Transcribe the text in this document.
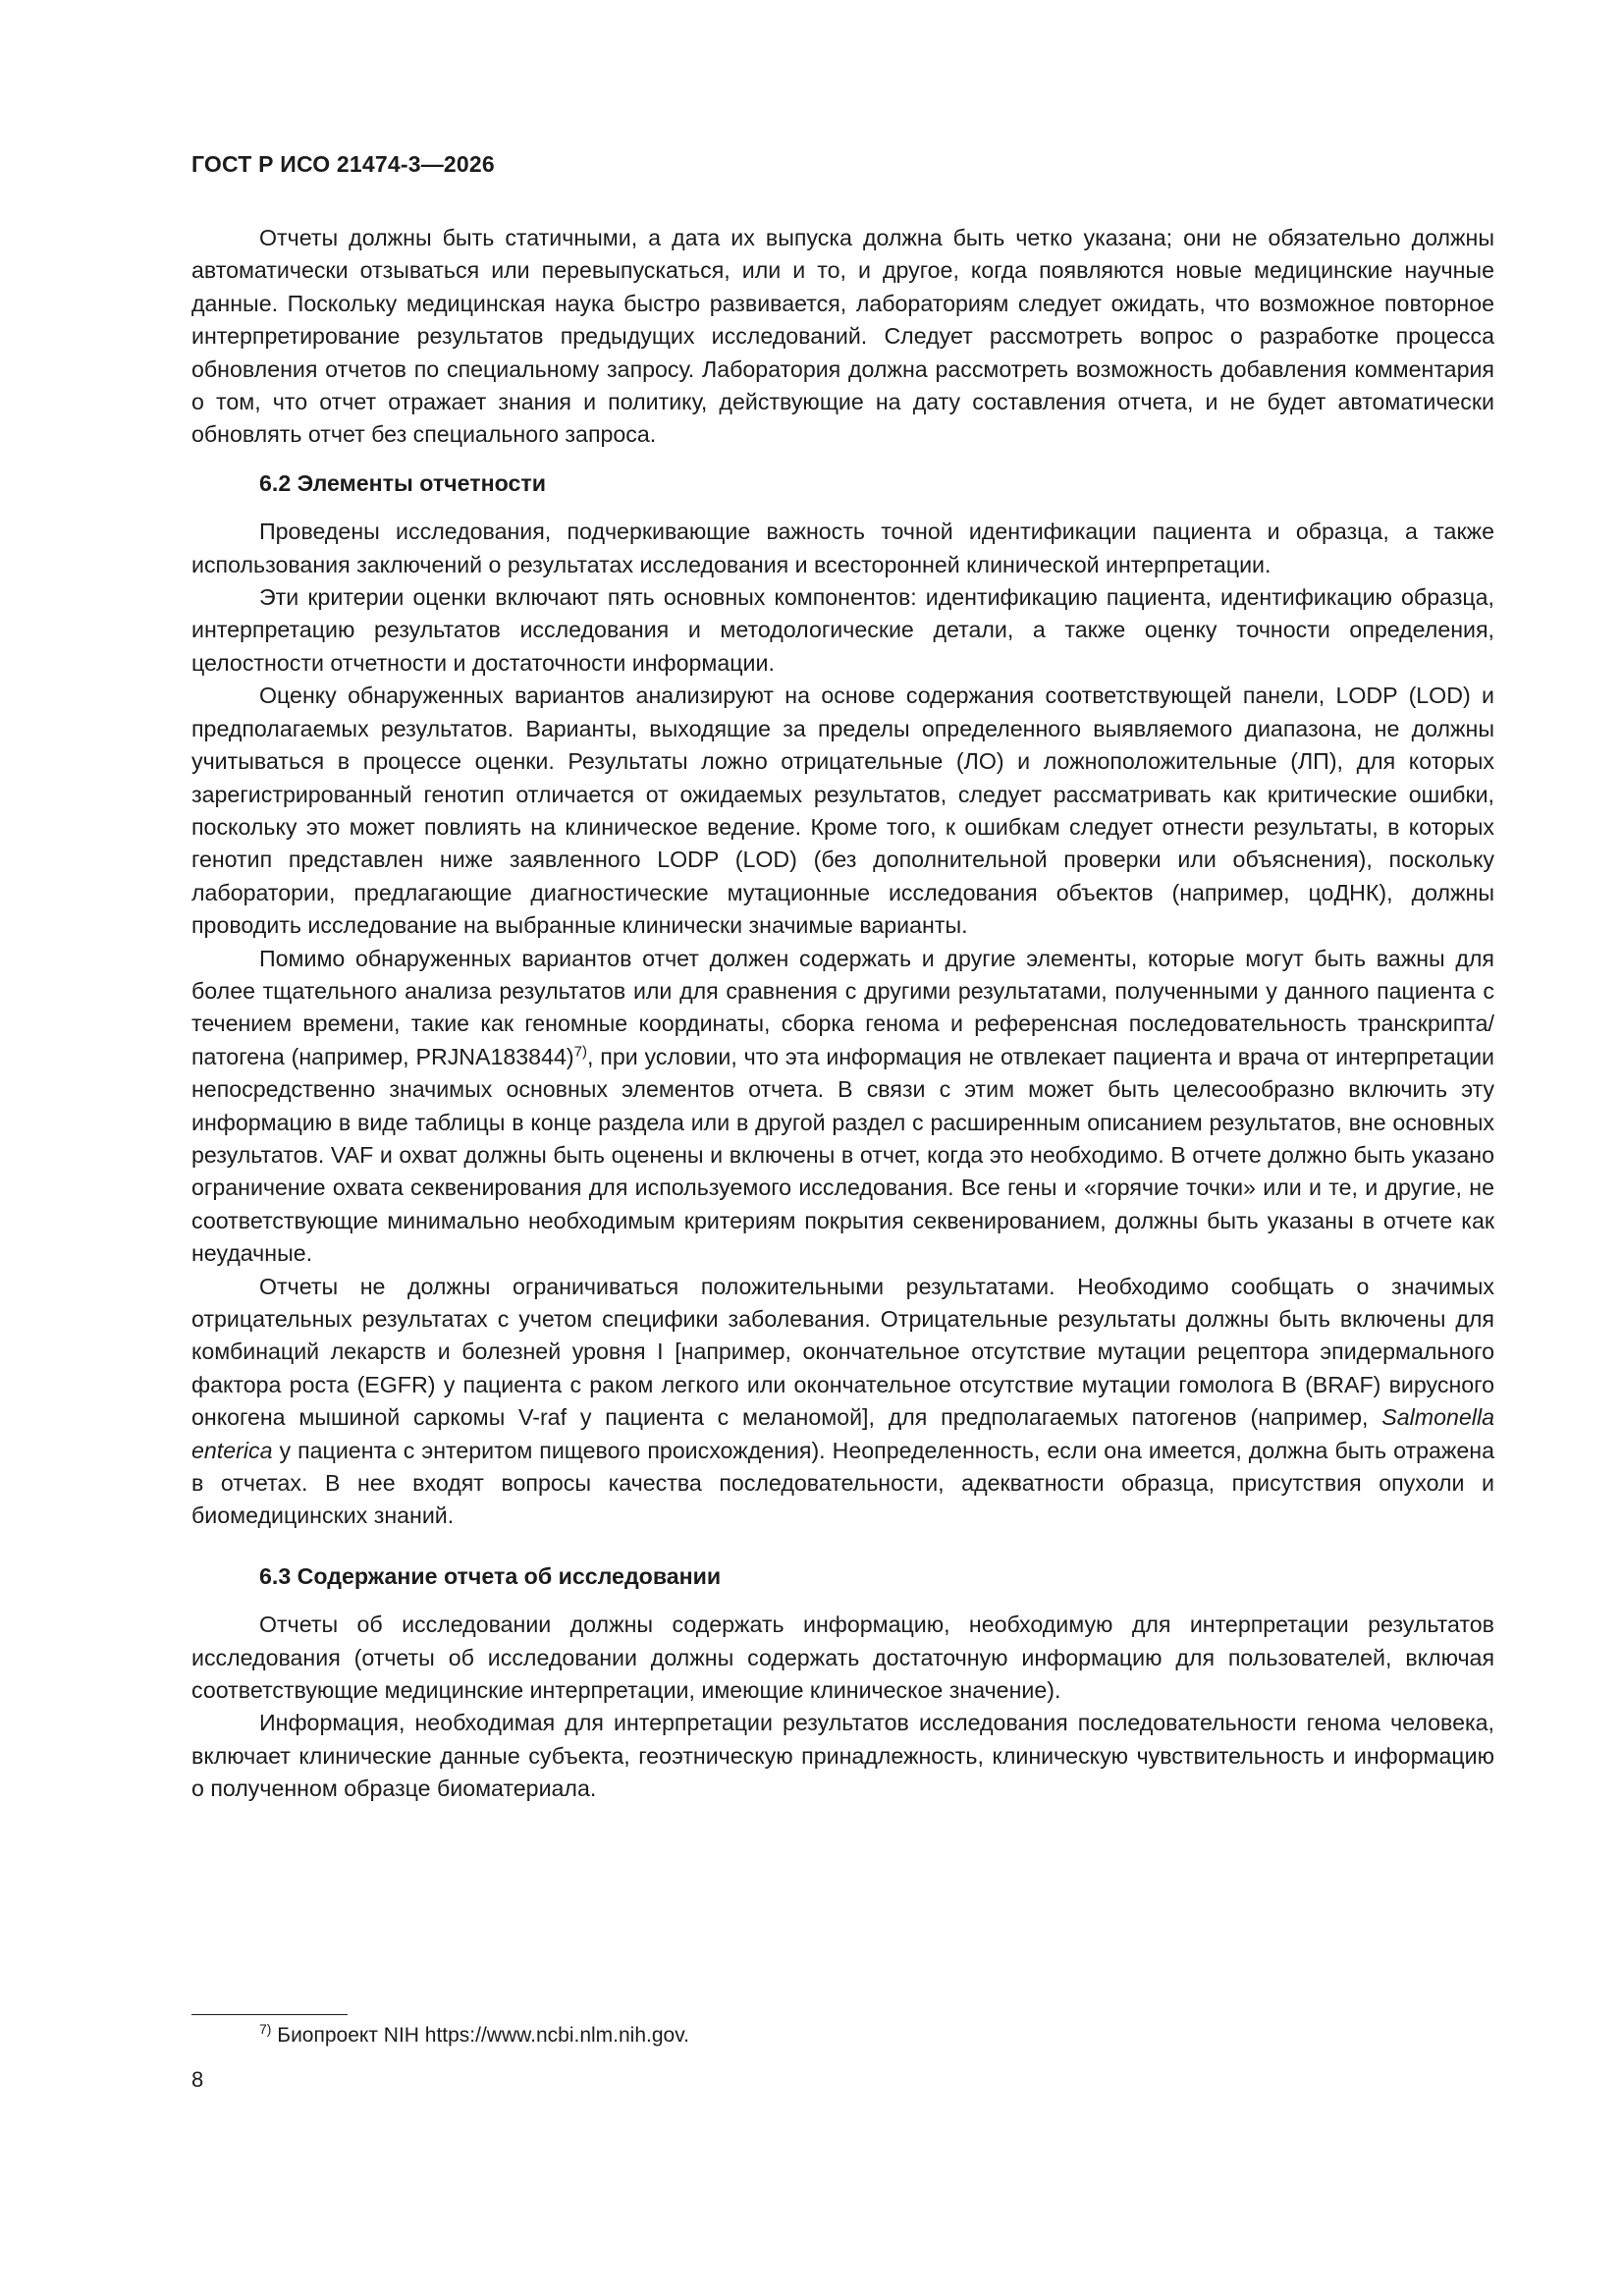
ГОСТ Р ИСО 21474-3—2026

Отчеты должны быть статичными, а дата их выпуска должна быть четко указана; они не обязательно должны автоматически отзываться или перевыпускаться, или и то, и другое, когда появляются новые медицинские научные данные. Поскольку медицинская наука быстро развивается, лабораториям следует ожидать, что возможное повторное интерпретирование результатов предыдущих исследований. Следует рассмотреть вопрос о разработке процесса обновления отчетов по специальному запросу. Лаборатория должна рассмотреть возможность добавления комментария о том, что отчет отражает знания и политику, действующие на дату составления отчета, и не будет автоматически обновлять отчет без специального запроса.

6.2 Элементы отчетности

Проведены исследования, подчеркивающие важность точной идентификации пациента и образца, а также использования заключений о результатах исследования и всесторонней клинической интерпретации.

Эти критерии оценки включают пять основных компонентов: идентификацию пациента, идентификацию образца, интерпретацию результатов исследования и методологические детали, а также оценку точности определения, целостности отчетности и достаточности информации.

Оценку обнаруженных вариантов анализируют на основе содержания соответствующей панели, LODP (LOD) и предполагаемых результатов. Варианты, выходящие за пределы определенного выявляемого диапазона, не должны учитываться в процессе оценки. Результаты ложно отрицательные (ЛО) и ложноположительные (ЛП), для которых зарегистрированный генотип отличается от ожидаемых результатов, следует рассматривать как критические ошибки, поскольку это может повлиять на клиническое ведение. Кроме того, к ошибкам следует отнести результаты, в которых генотип представлен ниже заявленного LODP (LOD) (без дополнительной проверки или объяснения), поскольку лаборатории, предлагающие диагностические мутационные исследования объектов (например, цоДНК), должны проводить исследование на выбранные клинически значимые варианты.

Помимо обнаруженных вариантов отчет должен содержать и другие элементы, которые могут быть важны для более тщательного анализа результатов или для сравнения с другими результатами, полученными у данного пациента с течением времени, такие как геномные координаты, сборка генома и референсная последовательность транскрипта/патогена (например, PRJNA183844)$^{7)}$, при условии, что эта информация не отвлекает пациента и врача от интерпретации непосредственно значимых основных элементов отчета. В связи с этим может быть целесообразно включить эту информацию в виде таблицы в конце раздела или в другой раздел с расширенным описанием результатов, вне основных результатов. VAF и охват должны быть оценены и включены в отчет, когда это необходимо. В отчете должно быть указано ограничение охвата секвенирования для используемого исследования. Все гены и «горячие точки» или и те, и другие, не соответствующие минимально необходимым критериям покрытия секвенированием, должны быть указаны в отчете как неудачные.

Отчеты не должны ограничиваться положительными результатами. Необходимо сообщать о значимых отрицательных результатах с учетом специфики заболевания. Отрицательные результаты должны быть включены для комбинаций лекарств и болезней уровня I [например, окончательное отсутствие мутации рецептора эпидермального фактора роста (EGFR) у пациента с раком легкого или окончательное отсутствие мутации гомолога B (BRAF) вирусного онкогена мышиной саркомы V-raf у пациента с меланомой], для предполагаемых патогенов (например, Salmonella enterica у пациента с энтеритом пищевого происхождения). Неопределенность, если она имеется, должна быть отражена в отчетах. В нее входят вопросы качества последовательности, адекватности образца, присутствия опухоли и биомедицинских знаний.

6.3 Содержание отчета об исследовании

Отчеты об исследовании должны содержать информацию, необходимую для интерпретации результатов исследования (отчеты об исследовании должны содержать достаточную информацию для пользователей, включая соответствующие медицинские интерпретации, имеющие клиническое значение).

Информация, необходимая для интерпретации результатов исследования последовательности генома человека, включает клинические данные субъекта, геоэтническую принадлежность, клиническую чувствительность и информацию о полученном образце биоматериала.

$^{7)}$ Биопроект NIH https://www.ncbi.nlm.nih.gov.
8
